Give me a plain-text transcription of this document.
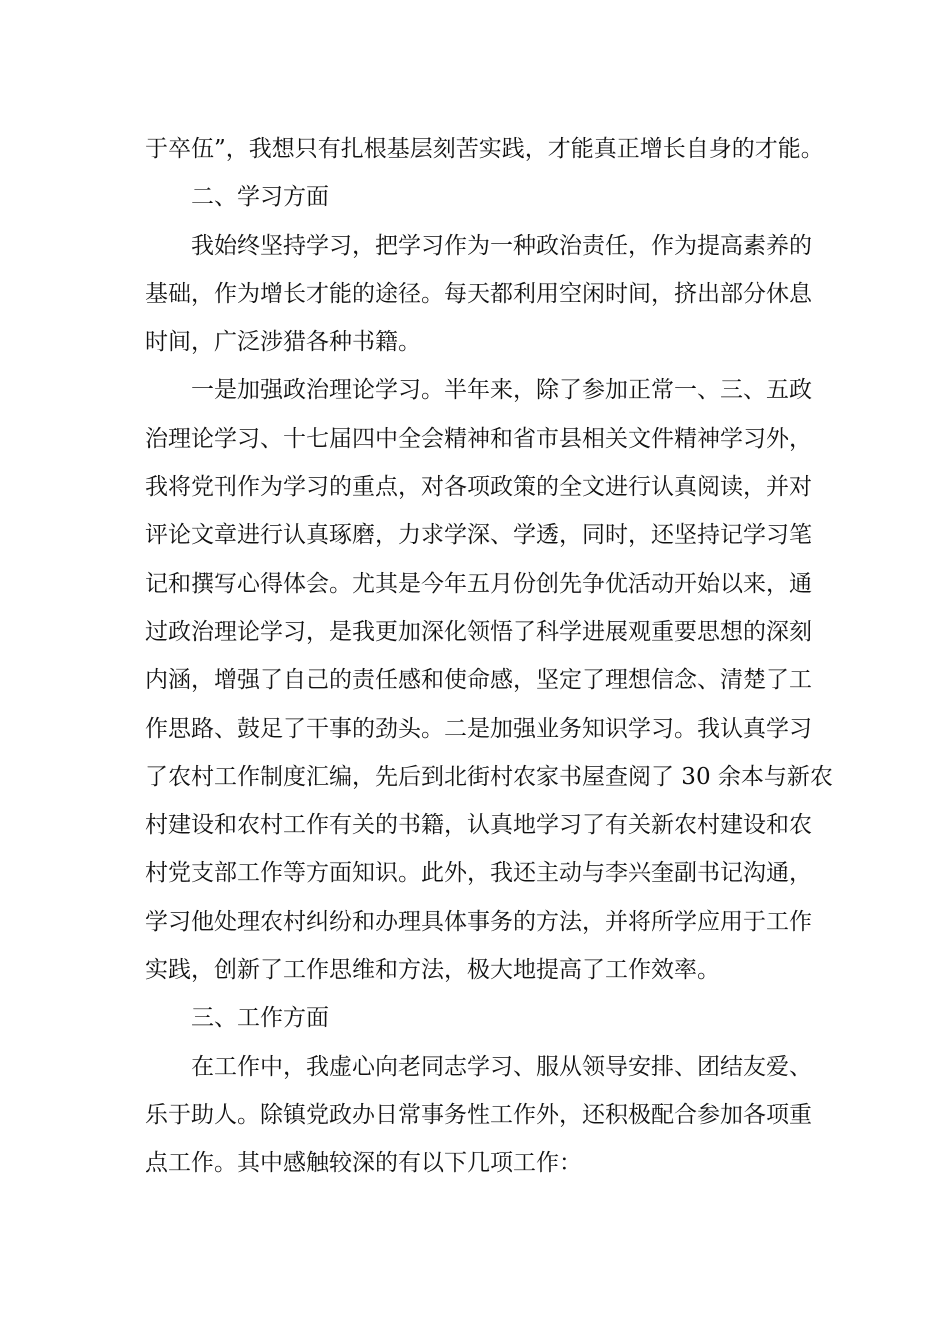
于卒伍”，我想只有扎根基层刻苦实践，才能真正增长自身的才能。
二、学习方面
我始终坚持学习，把学习作为一种政治责任，作为提高素养的
基础，作为增长才能的途径。每天都利用空闲时间，挤出部分休息
时间，广泛涉猎各种书籍。
一是加强政治理论学习。半年来，除了参加正常一、三、五政
治理论学习、十七届四中全会精神和省市县相关文件精神学习外，
我将党刊作为学习的重点，对各项政策的全文进行认真阅读，并对
评论文章进行认真琢磨，力求学深、学透，同时，还坚持记学习笔
记和撰写心得体会。尤其是今年五月份创先争优活动开始以来，通
过政治理论学习，是我更加深化领悟了科学进展观重要思想的深刻
内涵，增强了自己的责任感和使命感，坚定了理想信念、清楚了工
作思路、鼓足了干事的劲头。二是加强业务知识学习。我认真学习
了农村工作制度汇编，先后到北街村农家书屋查阅了 30 余本与新农
村建设和农村工作有关的书籍，认真地学习了有关新农村建设和农
村党支部工作等方面知识。此外，我还主动与李兴奎副书记沟通，
学习他处理农村纠纷和办理具体事务的方法，并将所学应用于工作
实践，创新了工作思维和方法，极大地提高了工作效率。
三、工作方面
在工作中，我虚心向老同志学习、服从领导安排、团结友爱、
乐于助人。除镇党政办日常事务性工作外，还积极配合参加各项重
点工作。其中感触较深的有以下几项工作：
